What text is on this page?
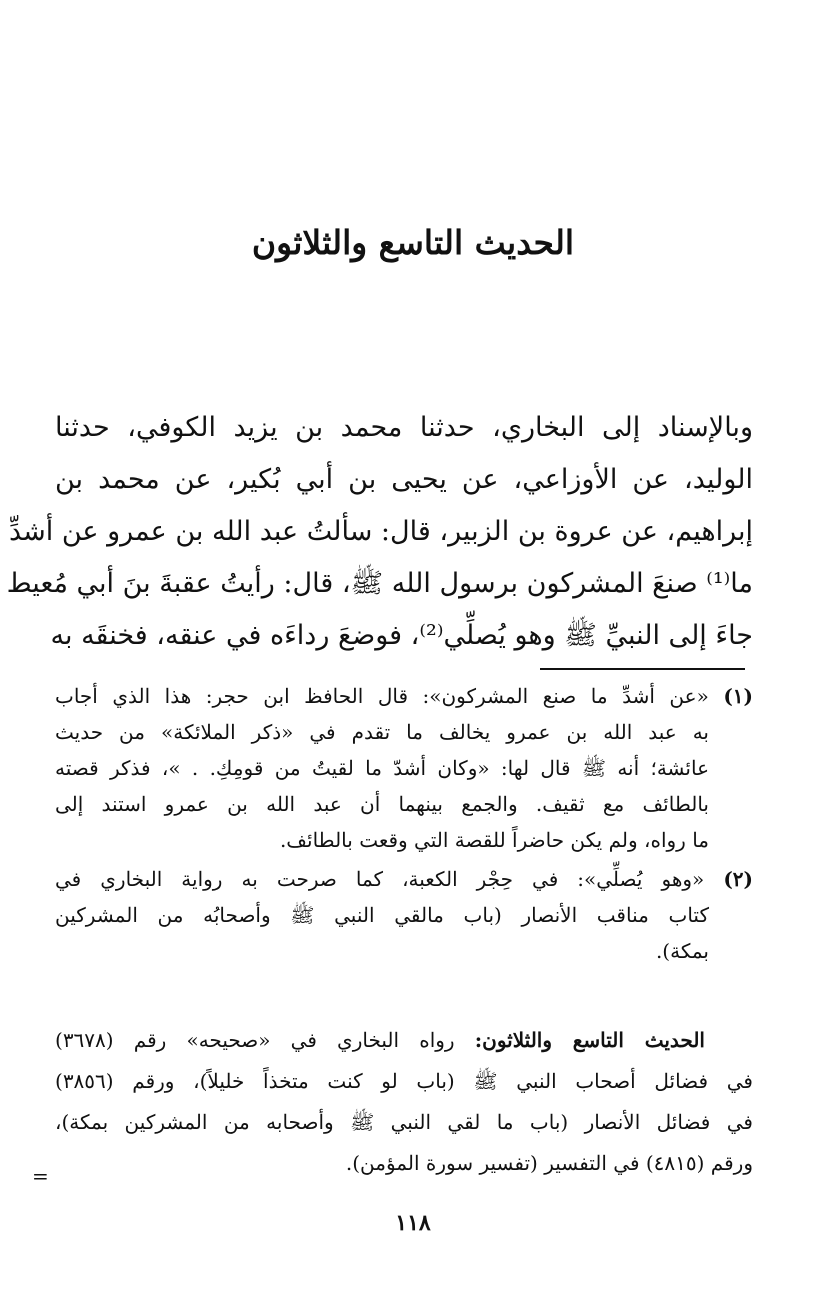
الحديث التاسع والثلاثون
وبالإسناد إلى البخاري، حدثنا محمد بن يزيد الكوفي، حدثنا
الوليد، عن الأوزاعي، عن يحيى بن أبي بُكير، عن محمد بن
إبراهيم، عن عروة بن الزبير، قال: سألتُ عبد الله بن عمرو عن أشدِّ
ما⁽¹⁾ صنعَ المشركون برسول الله ﷺ، قال: رأيتُ عقبةَ بنَ أبي مُعيط
جاءَ إلى النبيِّ ﷺ وهو يُصلِّي⁽²⁾، فوضعَ رداءَه في عنقه، فخنقَه به
(١) «عن أشدِّ ما صنع المشركون»: قال الحافظ ابن حجر: هذا الذي أجاب
به عبد الله بن عمرو يخالف ما تقدم في «ذكر الملائكة» من حديث
عائشة؛ أنه ﷺ قال لها: «وكان أشدّ ما لقيتُ من قومِكِ. . »، فذكر قصته
بالطائف مع ثقيف. والجمع بينهما أن عبد الله بن عمرو استند إلى
ما رواه، ولم يكن حاضراً للقصة التي وقعت بالطائف.
(٢) «وهو يُصلِّي»: في حِجْر الكعبة، كما صرحت به رواية البخاري في
كتاب مناقب الأنصار (باب مالقي النبي ﷺ وأصحابُه من المشركين
بمكة).
الحديث التاسع والثلاثون: رواه البخاري في «صحيحه» رقم (٣٦٧٨)
في فضائل أصحاب النبي ﷺ (باب لو كنت متخذاً خليلاً)، ورقم (٣٨٥٦)
في فضائل الأنصار (باب ما لقي النبي ﷺ وأصحابه من المشركين بمكة)،
ورقم (٤٨١٥) في التفسير (تفسير سورة المؤمن).
=
١١٨
